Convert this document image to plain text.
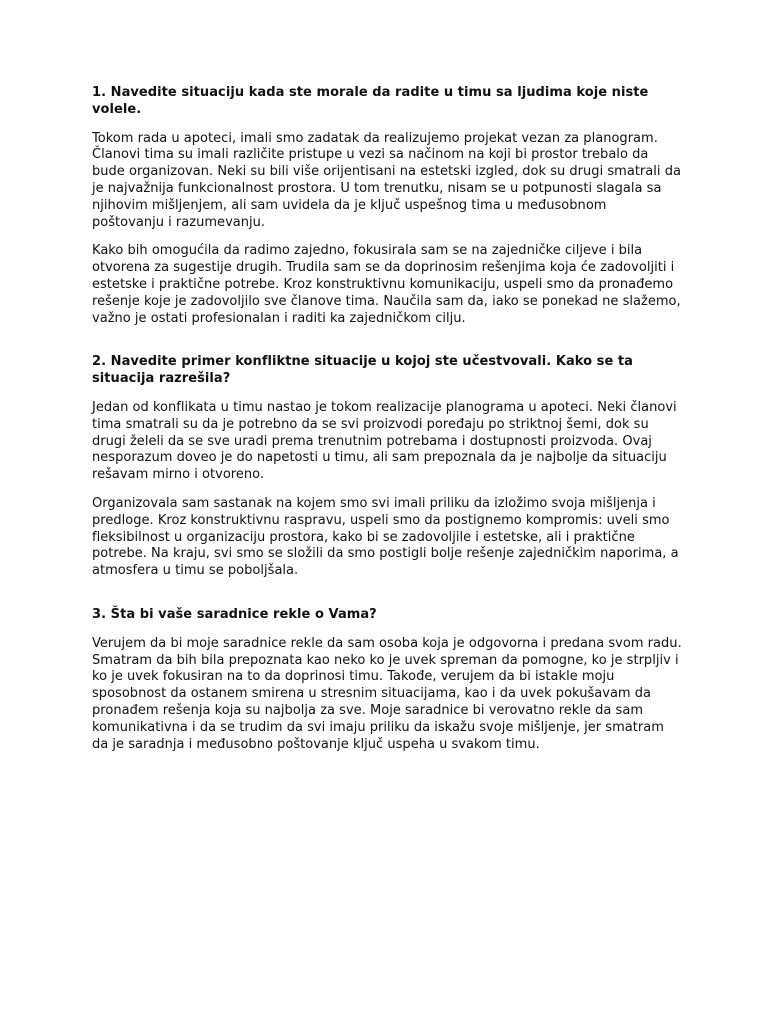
1. Navedite situaciju kada ste morale da radite u timu sa ljudima koje niste volele.

Tokom rada u apoteci, imali smo zadatak da realizujemo projekat vezan za planogram. Članovi tima su imali različite pristupe u vezi sa načinom na koji bi prostor trebalo da bude organizovan. Neki su bili više orijentisani na estetski izgled, dok su drugi smatrali da je najvažnija funkcionalnost prostora. U tom trenutku, nisam se u potpunosti slagala sa njihovim mišljenjem, ali sam uvidela da je ključ uspešnog tima u međusobnom poštovanju i razumevanju.

Kako bih omogućila da radimo zajedno, fokusirala sam se na zajedničke ciljeve i bila otvorena za sugestije drugih. Trudila sam se da doprinosim rešenjima koja će zadovoljiti i estetske i praktične potrebe. Kroz konstruktivnu komunikaciju, uspeli smo da pronađemo rešenje koje je zadovoljilo sve članove tima. Naučila sam da, iako se ponekad ne slažemo, važno je ostati profesionalan i raditi ka zajedničkom cilju.

2. Navedite primer konfliktne situacije u kojoj ste učestvovali. Kako se ta situacija razrešila?

Jedan od konflikata u timu nastao je tokom realizacije planograma u apoteci. Neki članovi tima smatrali su da je potrebno da se svi proizvodi poređaju po striktnoj šemi, dok su drugi želeli da se sve uradi prema trenutnim potrebama i dostupnosti proizvoda. Ovaj nesporazum doveo je do napetosti u timu, ali sam prepoznala da je najbolje da situaciju rešavam mirno i otvoreno.

Organizovala sam sastanak na kojem smo svi imali priliku da izložimo svoja mišljenja i predloge. Kroz konstruktivnu raspravu, uspeli smo da postignemo kompromis: uveli smo fleksibilnost u organizaciju prostora, kako bi se zadovoljile i estetske, ali i praktične potrebe. Na kraju, svi smo se složili da smo postigli bolje rešenje zajedničkim naporima, a atmosfera u timu se poboljšala.

3. Šta bi vaše saradnice rekle o Vama?

Verujem da bi moje saradnice rekle da sam osoba koja je odgovorna i predana svom radu. Smatram da bih bila prepoznata kao neko ko je uvek spreman da pomogne, ko je strpljiv i ko je uvek fokusiran na to da doprinosi timu. Takođe, verujem da bi istakle moju sposobnost da ostanem smirena u stresnim situacijama, kao i da uvek pokušavam da pronađem rešenja koja su najbolja za sve. Moje saradnice bi verovatno rekle da sam komunikativna i da se trudim da svi imaju priliku da iskažu svoje mišljenje, jer smatram da je saradnja i međusobno poštovanje ključ uspeha u svakom timu.
